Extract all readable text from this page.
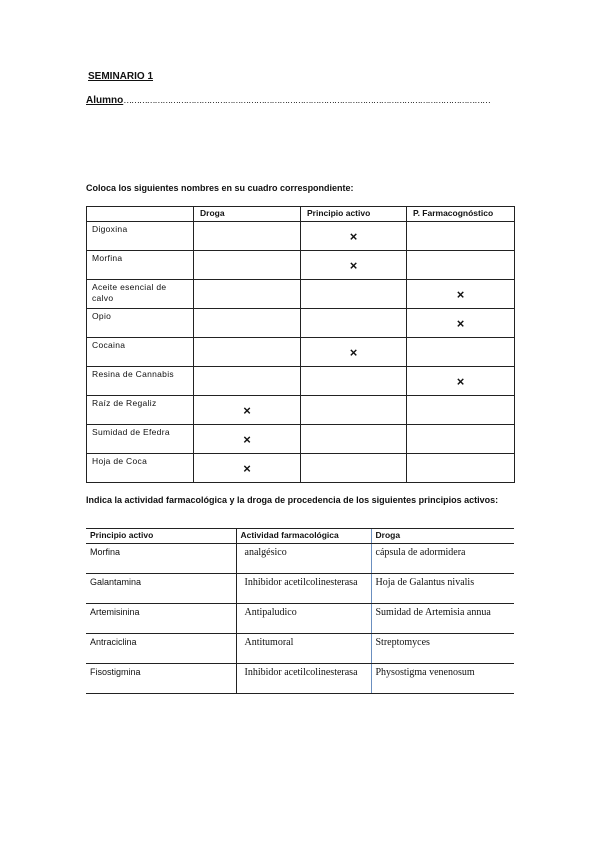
SEMINARIO 1
Alumno……………………………………………………………………………………………………………………………
Coloca los siguientes nombres en su cuadro correspondiente:
	Droga	Principio activo	P. Farmacognóstico
Digoxina		×	
Morfina		×	
Aceite esencial de calvo			×
Opio			×
Cocaina		×	
Resina de Cannabis			×
Raíz de Regaliz	×		
Sumidad de Efedra	×		
Hoja de Coca	×		
Indica la actividad farmacológica y la droga de procedencia de los siguientes principios activos:
Principio activo	Actividad farmacológica	Droga
Morfina	analgésico	cápsula de adormidera
Galantamina	Inhibidor acetilcolinesterasa	Hoja de Galantus nivalis
Artemisinina	Antipaludico	Sumidad de Artemisia annua
Antraciclina	Antitumoral	Streptomyces
Fisostigmina	Inhibidor acetilcolinesterasa	Physostigma venenosum
